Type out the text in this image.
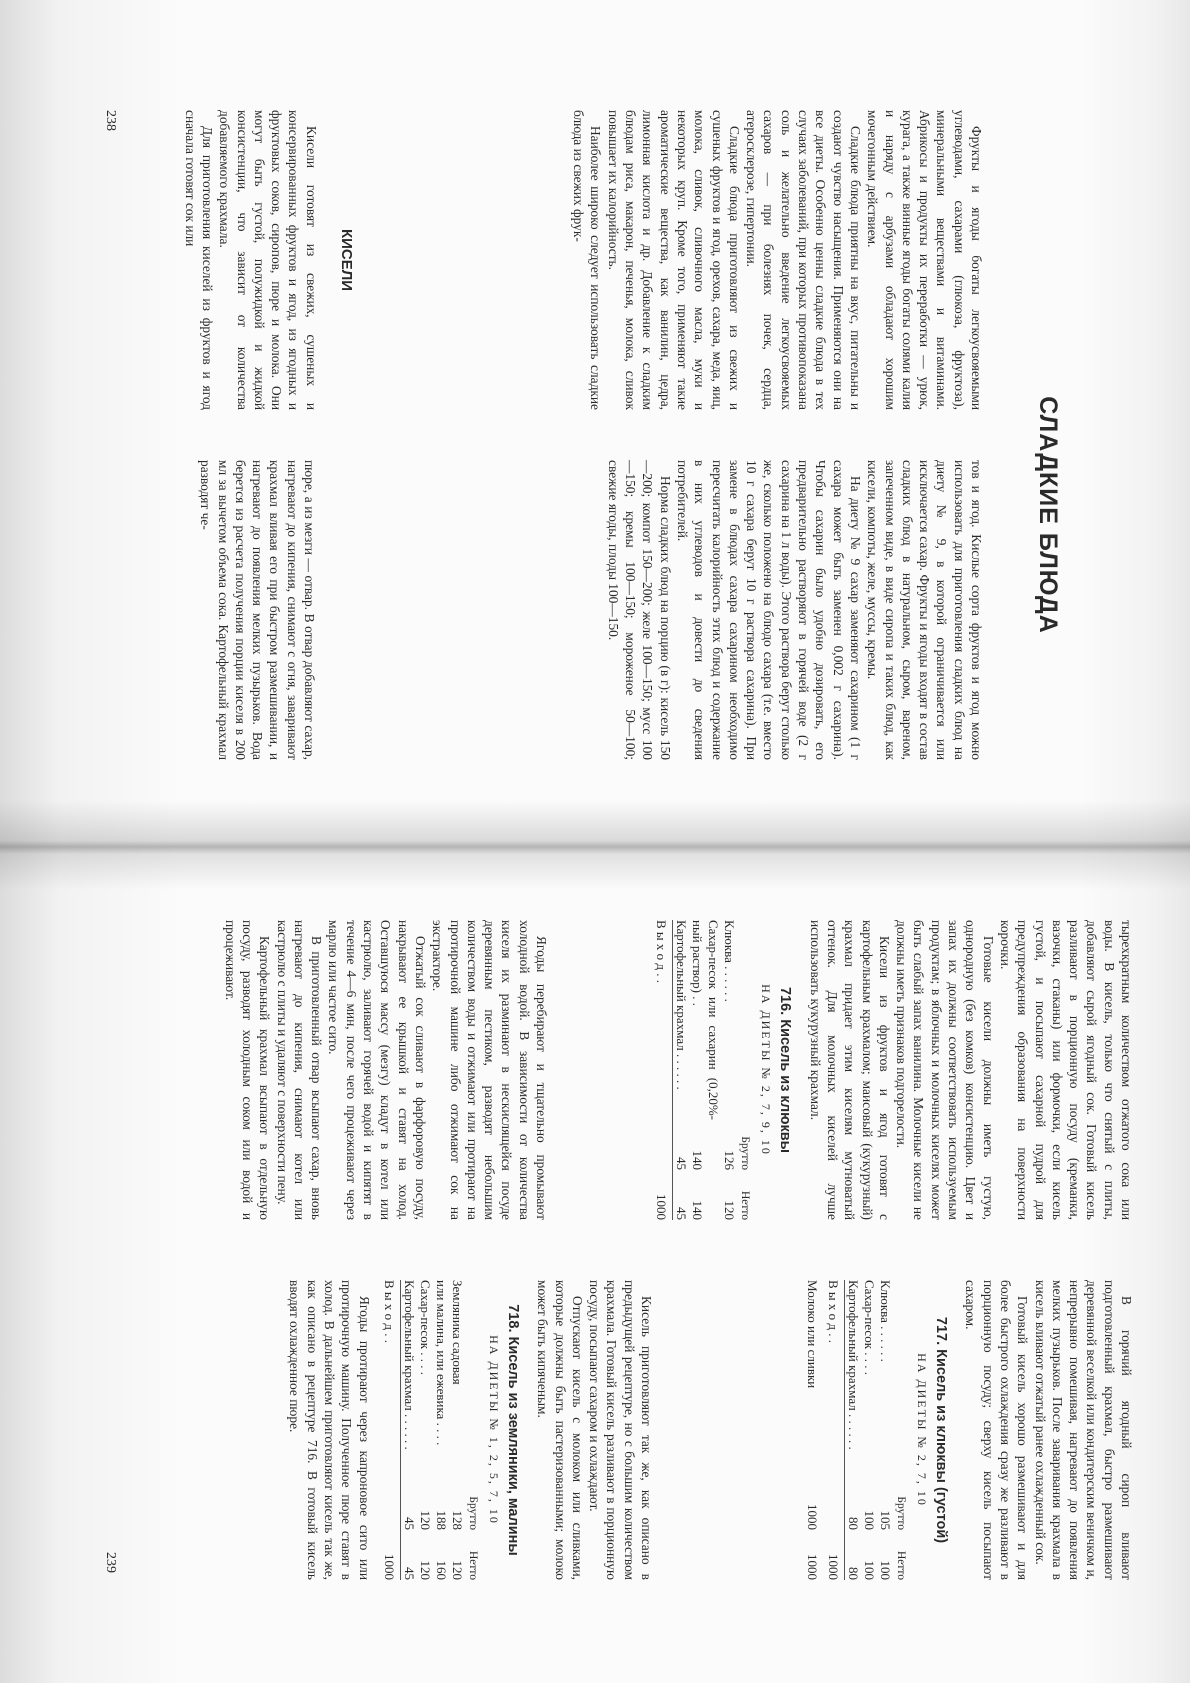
СЛАДКИЕ БЛЮДА

Фрукты и ягоды богаты легкоусвояемыми углеводами, сахарами (глюкоза, фруктоза), минеральными веществами и витаминами. Абрикосы и продукты их переработки — урюк, курага, а также винные ягоды богаты солями калия и наряду с арбузами обладают хорошим мочегонным действием.

Сладкие блюда приятны на вкус, питательны и создают чувство насыщения. Применяются они на все диеты. Особенно ценны сладкие блюда в тех случаях заболеваний, при которых противопоказана соль и желательно введение легкоусвояемых сахаров — при болезнях почек, сердца, атеросклерозе, гипертонии.

Сладкие блюда приготовляют из свежих и сушеных фруктов и ягод, орехов, сахара, меда, яиц, молока, сливок, сливочного масла, муки и некоторых круп. Кроме того, применяют такие ароматические вещества, как ванилин, цедра, лимонная кислота и др. Добавление к сладким блюдам риса, макарон, печенья, молока, сливок повышает их калорийность.

Наиболее широко следует использовать сладкие блюда из свежих фрук-

тов и ягод. Кислые сорта фруктов и ягод можно использовать для приготовления сладких блюд на диету № 9, в которой ограничивается или исключается сахар. Фрукты и ягоды входят в состав сладких блюд в натуральном, сыром, вареном, запеченном виде, в виде сиропа и таких блюд, как кисели, компоты, желе, муссы, кремы.

На диету № 9 сахар заменяют сахарином (1 г сахара может быть заменен 0,002 г сахарина). Чтобы сахарин было удобно дозировать, его предварительно растворяют в горячей воде (2 г сахарина на 1 л воды). Этого раствора берут столько же, сколько положено на блюдо сахара (т.е. вместо 10 г сахара берут 10 г раствора сахарина). При замене в блюдах сахара сахарином необходимо пересчитать калорийность этих блюд и содержание в них углеводов и довести до сведения потребителей.

Норма сладких блюд на порцию (в г): кисель 150—200; компот 150—200; желе 100—150; мусс 100—150; кремы 100—150; мороженое 50—100; свежие ягоды, плоды 100—150.

КИСЕЛИ

Кисели готовят из свежих, сушеных и консервированных фруктов и ягод, из ягодных и фруктовых соков, сиропов, пюре и молока. Они могут быть густой, полужидкой и жидкой консистенции, что зависит от количества добавляемого крахмала.

Для приготовления киселей из фруктов и ягод сначала готовят сок или

пюре, а из мезги — отвар. В отвар добавляют сахар, нагревают до кипения, снимают с огня, заваривают крахмал вливая его при быстром размешивании, и нагревают до появления мелких пузырьков. Вода берется из расчета получения порции киселя в 200 мл за вычетом объема сока. Картофельный крахмал разводят че-

238

тырехкратным количеством отжатого сока или воды. В кисель, только что снятый с плиты, добавляют сырой ягодный сок. Готовый кисель разливают в порционную посуду (креманки, вазочки, стаканы) или формочки, если кисель густой, и посыпают сахарной пудрой для предупреждения образования на поверхности корочки.

Готовые кисели должны иметь густую, однородную (без комков) консистенцию. Цвет и запах их должны соответствовать используемым продуктам; в яблочных и молочных киселях может быть слабый запах ванилина. Молочные кисели не должны иметь признаков подгорелости.

Кисели из фруктов и ягод готовят с картофельным крахмалом; маисовый (кукурузный) крахмал придает этим киселям мутноватый оттенок. Для молочных киселей лучше использовать кукурузный крахмал.

716. Кисель из клюквы
НА ДИЕТЫ № 2, 7, 9, 10
	Брутто	Нетто
Клюква . . . . . .	126	120
Сахар-песок или сахарин (0,20%-ный раствор) . .	140	140
Картофельный крахмал . . . . . .	45	45
В ы х о д . .		1000

Ягоды перебирают и тщательно промывают холодной водой. В зависимости от количества киселя их разминают в нескислящейся посуде деревянным пестиком, разводят небольшим количеством воды и отжимают или протирают на протирочной машине либо отжимают сок на экстракторе.

Отжатый сок сливают в фарфоровую посуду, накрывают ее крышкой и ставят на холод. Оставшуюся массу (мезгу) кладут в котел или кастрюлю, заливают горячей водой и кипятят в течение 4—6 мин, после чего процеживают через марлю или частое сито.

В приготовленный отвар всыпают сахар, вновь нагревают до кипения, снимают котел или кастрюлю с плиты и удаляют с поверхности пену.

Картофельный крахмал всыпают в отдельную посуду, разводят холодным соком или водой и процеживают.

В горячий ягодный сироп вливают подготовленный крахмал, быстро размешивают деревянной веселкой или кондитерским веничком и, непрерывно помешивая, нагревают до появления мелких пузырьков. После заваривания крахмала в кисель вливают отжатый ранее охлажденный сок.

Готовый кисель хорошо размешивают и для более быстрого охлаждения сразу же разливают в порционную посуду; сверху кисель посыпают сахаром.

717. Кисель из клюквы (густой)
НА ДИЕТЫ № 2, 7, 10
	Брутто	Нетто
Клюква . . . . . .	105	100
Сахар-песок . . . .	100	100
Картофельный крахмал . . . . . .	80	80
В ы х о д . .		1000
Молоко или сливки	1000	1000

Кисель приготовляют так же, как описано в предыдущей рецептуре, но с большим количеством крахмала. Готовый кисель разливают в порционную посуду, посыпают сахаром и охлаждают.

Отпускают кисель с молоком или сливками, которые должны быть пастеризованными; молоко может быть кипяченым.

718. Кисель из земляники, малины
НА ДИЕТЫ № 1, 2, 5, 7, 10
	Брутто	Нетто
Земляника садовая	128	120
или малина, или ежевика . . . .	188	160
Сахар-песок . . . .	120	120
Картофельный крахмал . . . . . .	45	45
В ы х о д . .		1000

Ягоды протирают через капроновое сито или протирочную машину. Полученное пюре ставят в холод. В дальнейшем приготовляют кисель так же, как описано в рецептуре 716. В готовый кисель вводят охлажденное пюре.

239
